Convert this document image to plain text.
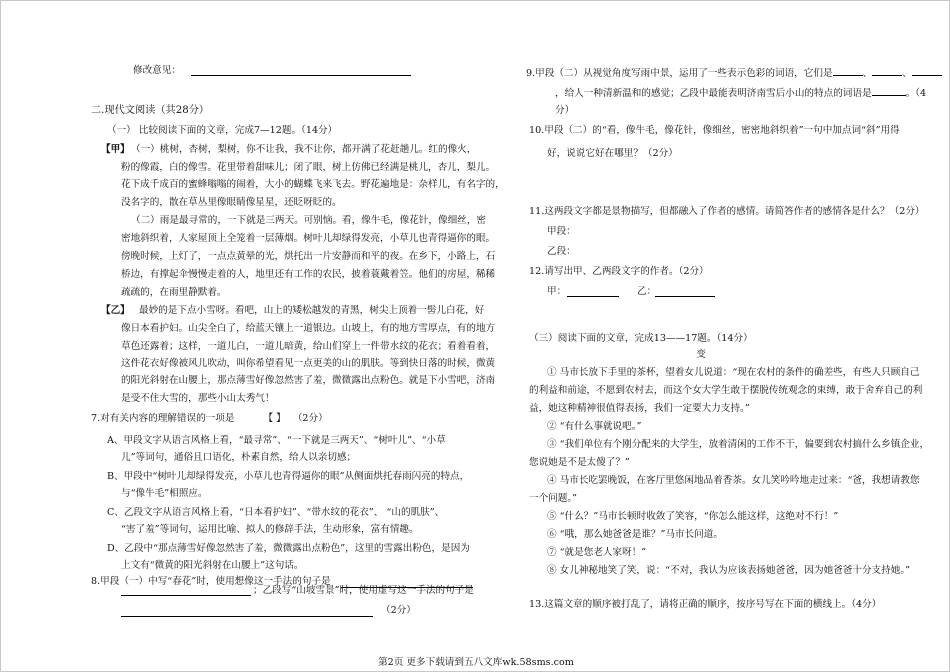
修改意见：
二.现代文阅读（共28分）
（一） 比较阅读下面的文章，完成7—12题。（14分）
【甲】 （一）桃树，杏树，梨树，你不让我，我不让你，都开满了花赶趟儿。红的像火，
粉的像霞，白的像雪。花里带着甜味儿；闭了眼，树上仿佛已经满是桃儿，杏儿，梨儿。
花下成千成百的蜜蜂嗡嗡的闹着，大小的蝴蝶飞来飞去。野花遍地是：杂样儿，有名字的，
没名字的，散在草丛里像眼睛像星星，还眨呀眨的。
（二）雨是最寻常的，一下就是三两天。可别恼。看，像牛毛，像花针，像细丝，密
密地斜织着，人家屋顶上全笼着一层薄烟。树叶儿却绿得发亮，小草儿也青得逼你的眼。
傍晚时候，上灯了，一点点黄晕的光，烘托出一片安静而和平的夜。在乡下，小路上，石
桥边，有撑起伞慢慢走着的人，地里还有工作的农民，披着蓑戴着笠。他们的房屋，稀稀
疏疏的，在雨里静默着。
【乙】 最妙的是下点小雪呀。看吧，山上的矮松越发的青黑，树尖上顶着一髻儿白花，好
像日本看护妇。山尖全白了，给蓝天镶上一道银边。山坡上，有的地方雪厚点，有的地方
草色还露着；这样，一道儿白，一道儿暗黄，给山们穿上一件带水纹的花衣；看着看着，
这件花衣好像被风儿吹动，叫你希望看见一点更美的山的肌肤。等到快日落的时候，微黄
的阳光斜射在山腰上，那点薄雪好像忽然害了羞，微微露出点粉色。就是下小雪吧，济南
是受不住大雪的，那些小山太秀气！
7.对有关内容的理解错误的一项是	【 】 （2分）
A、甲段文字从语言风格上看，“最寻常”、“一下就是三两天”、“树叶儿”、“小草
儿”等词句，通俗且口语化，朴素自然，给人以亲切感；
B、甲段中“树叶儿却绿得发亮，小草儿也青得逼你的眼”从侧面烘托春雨闪亮的特点，
与“像牛毛”相照应。
C、乙段文字从语言风格上看，“日本看护妇”、“带水纹的花衣”、 “山的肌肤”、
“害了羞”等词句，运用比喻、拟人的修辞手法，生动形象，富有情趣。
D、乙段中“那点薄雪好像忽然害了羞，微微露出点粉色”，这里的雪露出粉色，是因为
上文有“微黄的阳光斜射在山腰上”这句话。
8.甲段（一）中写“春花”时，使用想像这一手法的句子是
；乙段写“山坡雪景”时，使用虚写这一手法的句子是
（2分）
9.甲段（二）从视觉角度写雨中景，运用了一些表示色彩的词语，它们是	、	、
，给人一种清新温和的感觉；乙段中最能表明济南雪后小山的特点的词语是	。（4
分）
10.甲段（二）的“看，像牛毛，像花针，像细丝，密密地斜织着”一句中加点词“斜”用得
好，说说它好在哪里？（2分）
11.这两段文字都是景物描写，但都融入了作者的感情。请简答作者的感情各是什么？（2分）
甲段：
乙段：
12.请写出甲、乙两段文字的作者。（2分）
甲：	乙：
（三）阅读下面的文章，完成13——17题。（14分）
变
① 马市长放下手里的茶杯，望着女儿说道：“现在农村的条件的确差些，有些人只顾自己
的利益和前途，不愿到农村去，而这个女大学生敢于摆脱传统观念的束缚，敢于舍弃自己的利
益，她这种精神很值得表扬，我们一定要大力支持。”
② “有什么事就说吧。”
③ “我们单位有个刚分配来的大学生，放着清闲的工作不干，偏要到农村搞什么乡镇企业，
您说她是不是太傻了？”
④ 马市长吃罢晚饭，在客厅里悠闲地品着香茶。女儿笑吟吟地走过来：“爸，我想请教您
一个问题。”
⑤ “什么？”马市长顿时收敛了笑容，“你怎么能这样，这绝对不行！”
⑥ “哦，那么她爸爸是谁？”马市长问道。
⑦ “就是您老人家呀！”
⑧ 女儿神秘地笑了笑，说：“不对，我认为应该表扬她爸爸，因为她爸爸十分支持她。”
13.这篇文章的顺序被打乱了，请将正确的顺序，按序号写在下面的横线上。（4分）
第2页 更多下载请到五八文库wk.58sms.com
